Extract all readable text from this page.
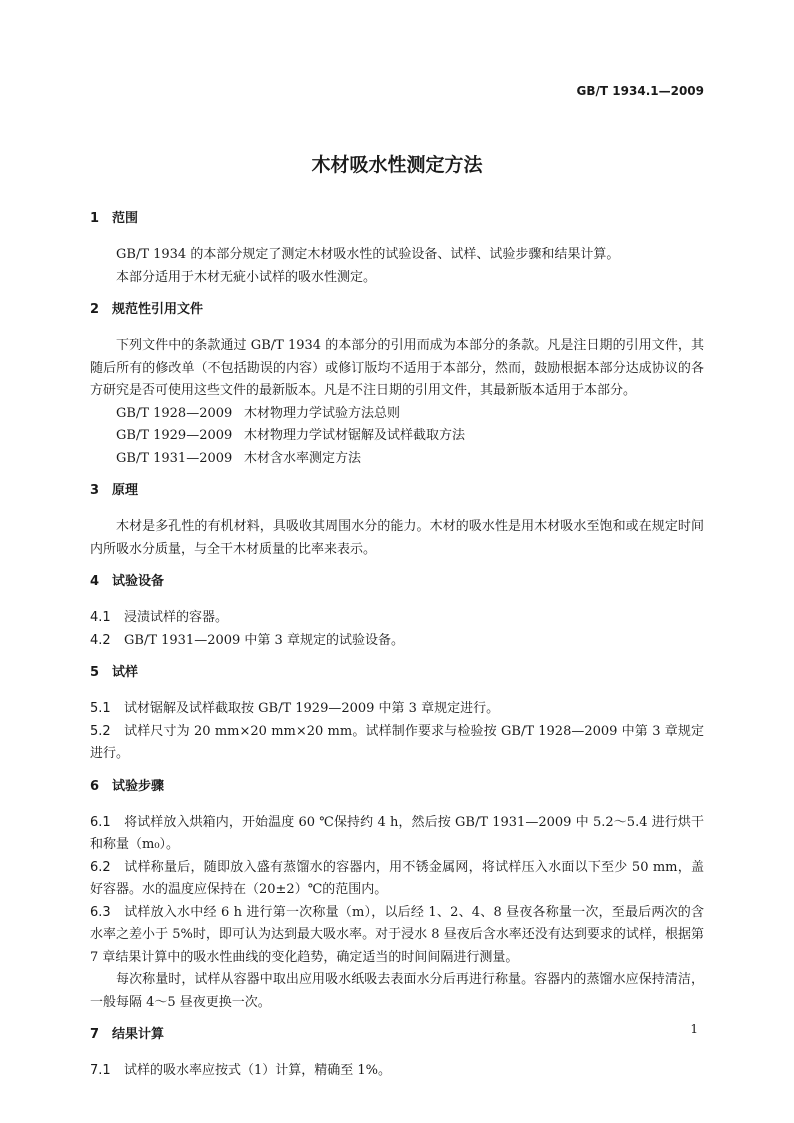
GB/T 1934.1—2009
木材吸水性测定方法
1 范围

GB/T 1934 的本部分规定了测定木材吸水性的试验设备、试样、试验步骤和结果计算。

本部分适用于木材无疵小试样的吸水性测定。

2 规范性引用文件

下列文件中的条款通过 GB/T 1934 的本部分的引用而成为本部分的条款。凡是注日期的引用文件，其随后所有的修改单（不包括勘误的内容）或修订版均不适用于本部分，然而，鼓励根据本部分达成协议的各方研究是否可使用这些文件的最新版本。凡是不注日期的引用文件，其最新版本适用于本部分。

GB/T 1928—2009 木材物理力学试验方法总则

GB/T 1929—2009 木材物理力学试材锯解及试样截取方法

GB/T 1931—2009 木材含水率测定方法

3 原理

木材是多孔性的有机材料，具吸收其周围水分的能力。木材的吸水性是用木材吸水至饱和或在规定时间内所吸水分质量，与全干木材质量的比率来表示。

4 试验设备

4.1 浸渍试样的容器。

4.2 GB/T 1931—2009 中第 3 章规定的试验设备。

5 试样

5.1 试材锯解及试样截取按 GB/T 1929—2009 中第 3 章规定进行。

5.2 试样尺寸为 20 mm×20 mm×20 mm。试样制作要求与检验按 GB/T 1928—2009 中第 3 章规定进行。

6 试验步骤

6.1 将试样放入烘箱内，开始温度 60 ℃保持约 4 h，然后按 GB/T 1931—2009 中 5.2～5.4 进行烘干和称量（m₀）。

6.2 试样称量后，随即放入盛有蒸馏水的容器内，用不锈金属网，将试样压入水面以下至少 50 mm，盖好容器。水的温度应保持在（20±2）℃的范围内。

6.3 试样放入水中经 6 h 进行第一次称量（m），以后经 1、2、4、8 昼夜各称量一次，至最后两次的含水率之差小于 5%时，即可认为达到最大吸水率。对于浸水 8 昼夜后含水率还没有达到要求的试样，根据第 7 章结果计算中的吸水性曲线的变化趋势，确定适当的时间间隔进行测量。

每次称量时，试样从容器中取出应用吸水纸吸去表面水分后再进行称量。容器内的蒸馏水应保持清洁，一般每隔 4～5 昼夜更换一次。

7 结果计算

7.1 试样的吸水率应按式（1）计算，精确至 1%。

1
